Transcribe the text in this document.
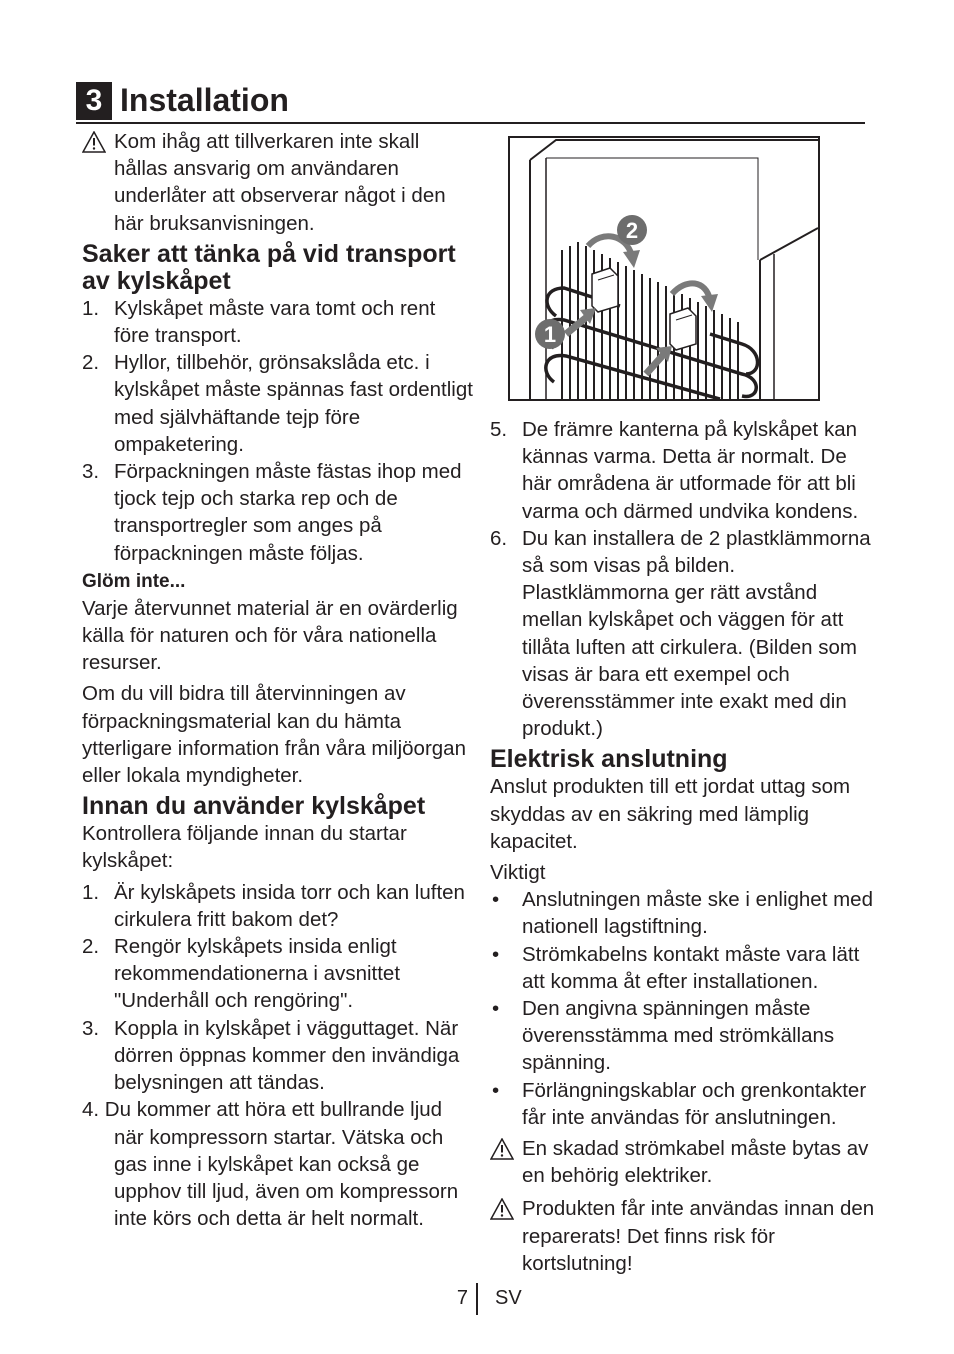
3 Installation

Kom ihåg att tillverkaren inte skall hållas ansvarig om användaren underlåter att observerar något i den här bruksanvisningen.

Saker att tänka på vid transport av kylskåpet
1. Kylskåpet måste vara tomt och rent före transport.
2. Hyllor, tillbehör, grönsakslåda etc. i kylskåpet måste spännas fast ordentligt med självhäftande tejp före ompaketering.
3. Förpackningen måste fästas ihop med tjock tejp och starka rep och de transportregler som anges på förpackningen måste följas.
Glöm inte...

Varje återvunnet material är en ovärderlig källa för naturen och för våra nationella resurser.

Om du vill bidra till återvinningen av förpackningsmaterial kan du hämta ytterligare information från våra miljöorgan eller lokala myndigheter.

Innan du använder kylskåpet

Kontrollera följande innan du startar kylskåpet:

1. Är kylskåpets insida torr och kan luften cirkulera fritt bakom det?
2. Rengör kylskåpets insida enligt rekommendationerna i avsnittet "Underhåll och rengöring".
3. Koppla in kylskåpet i vägguttaget. När dörren öppnas kommer den invändiga belysningen att tändas.
4. Du kommer att höra ett bullrande ljud
när kompressorn startar. Vätska och gas inne i kylskåpet kan också ge upphov till ljud, även om kompressorn inte körs och detta är helt normalt.
2
1
5. De främre kanterna på kylskåpet kan kännas varma. Detta är normalt. De här områdena är utformade för att bli varma och därmed undvika kondens.
6. Du kan installera de 2 plastklämmorna så som visas på bilden. Plastklämmorna ger rätt avstånd mellan kylskåpet och väggen för att tillåta luften att cirkulera. (Bilden som visas är bara ett exempel och överensstämmer inte exakt med din produkt.)
Elektrisk anslutning

Anslut produkten till ett jordat uttag som skyddas av en säkring med lämplig kapacitet.

Viktigt

• Anslutningen måste ske i enlighet med nationell lagstiftning.
• Strömkabelns kontakt måste vara lätt att komma åt efter installationen.
• Den angivna spänningen måste överensstämma med strömkällans spänning.
• Förlängningskablar och grenkontakter får inte användas för anslutningen.

En skadad strömkabel måste bytas av en behörig elektriker.

Produkten får inte användas innan den reparerats! Det finns risk för kortslutning!

7 SV
